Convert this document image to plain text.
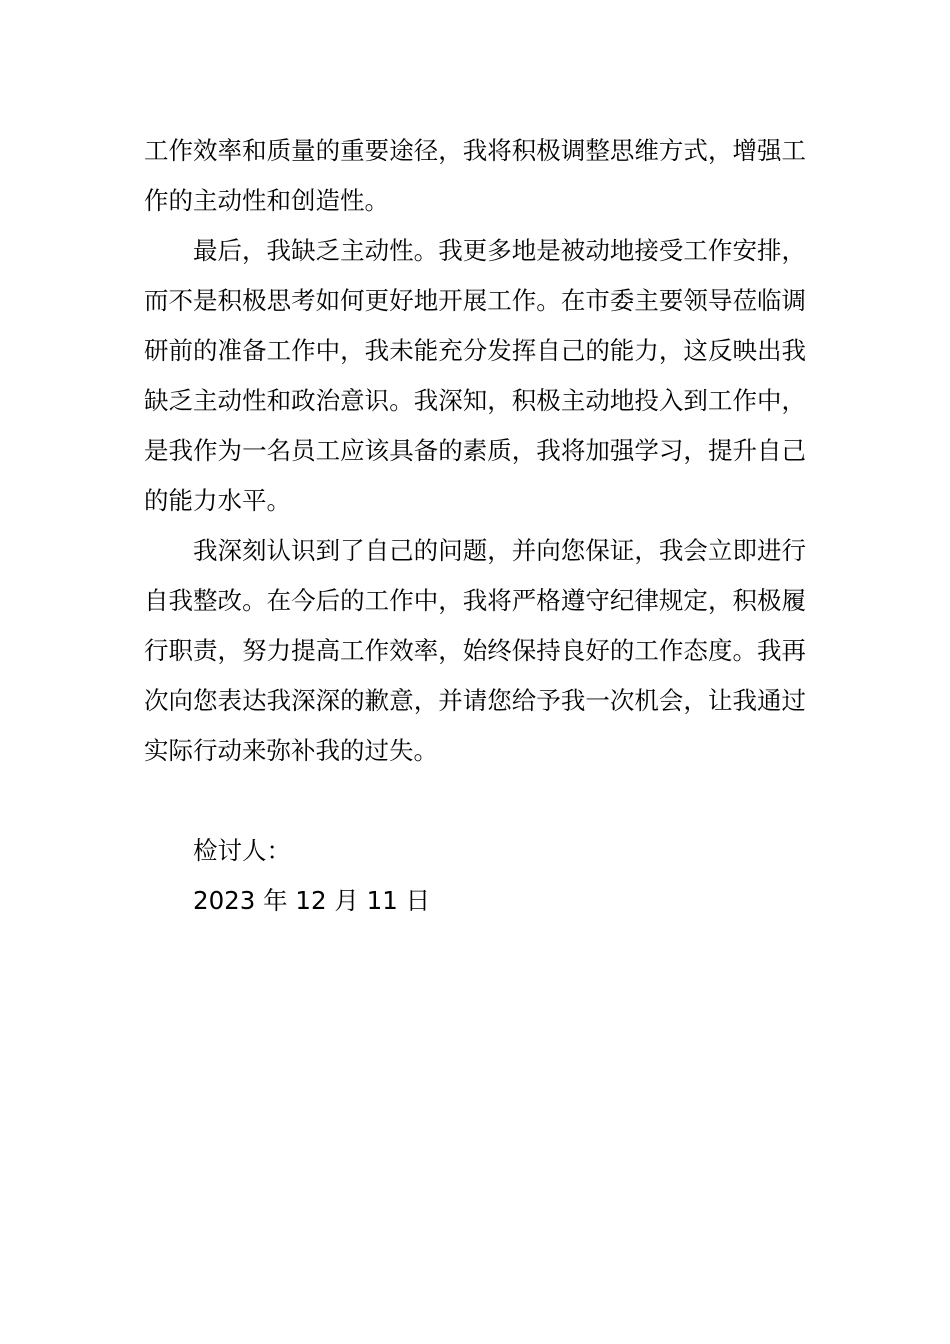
工作效率和质量的重要途径，我将积极调整思维方式，增强工作的主动性和创造性。

最后，我缺乏主动性。我更多地是被动地接受工作安排，而不是积极思考如何更好地开展工作。在市委主要领导莅临调研前的准备工作中，我未能充分发挥自己的能力，这反映出我缺乏主动性和政治意识。我深知，积极主动地投入到工作中，是我作为一名员工应该具备的素质，我将加强学习，提升自己的能力水平。

我深刻认识到了自己的问题，并向您保证，我会立即进行自我整改。在今后的工作中，我将严格遵守纪律规定，积极履行职责，努力提高工作效率，始终保持良好的工作态度。我再次向您表达我深深的歉意，并请您给予我一次机会，让我通过实际行动来弥补我的过失。

检讨人：

2023 年 12 月 11 日
